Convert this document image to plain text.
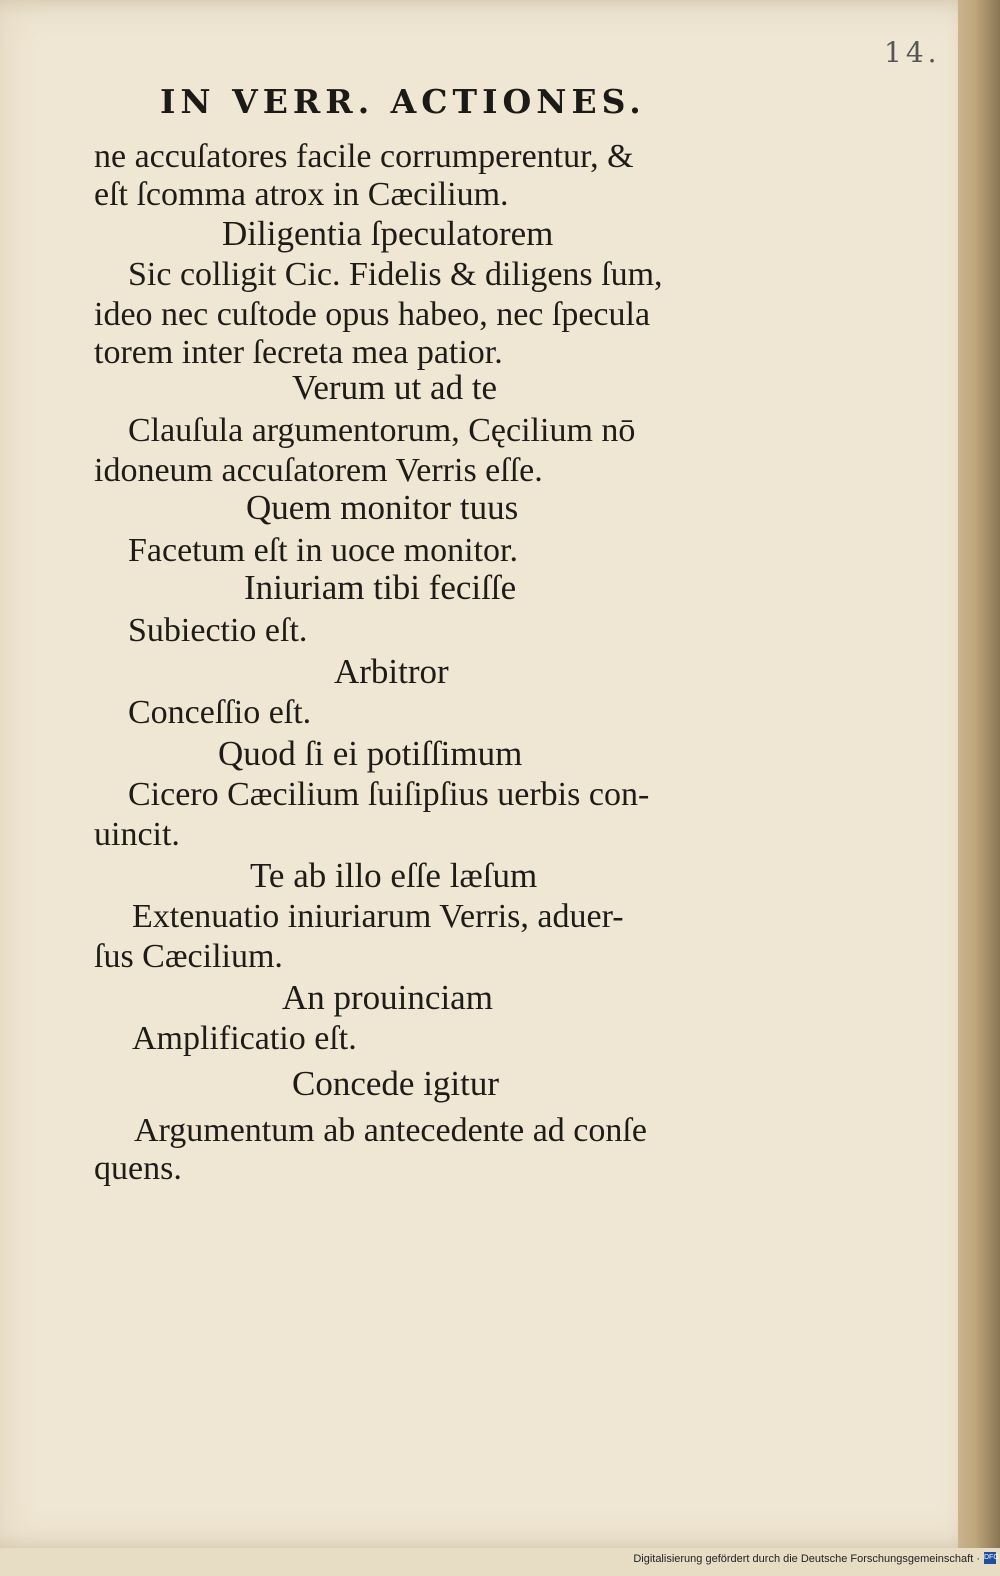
14.
IN VERR. ACTIONES.
ne accuſatores facile corrumperentur, &
eſt ſcomma atrox in Cæcilium.
Diligentia ſpeculatorem
Sic colligit Cic. Fidelis & diligens ſum,
ideo nec cuſtode opus habeo, nec ſpecula
torem inter ſecreta mea patior.
Verum ut ad te
Clauſula argumentorum, Cęcilium nō
idoneum accuſatorem Verris eſſe.
Quem monitor tuus
Facetum eſt in uoce monitor.
Iniuriam tibi feciſſe
Subiectio eſt.
Arbitror
Conceſſio eſt.
Quod ſi ei potiſſimum
Cicero Cæcilium ſuiſipſius uerbis con-
uincit.
Te ab illo eſſe læſum
Extenuatio iniuriarum Verris, aduer-
ſus Cæcilium.
An prouinciam
Amplificatio eſt.
Concede igitur
Argumentum ab antecedente ad conſe
quens.
Digitalisierung gefördert durch die Deutsche Forschungsgemeinschaft · DFG
